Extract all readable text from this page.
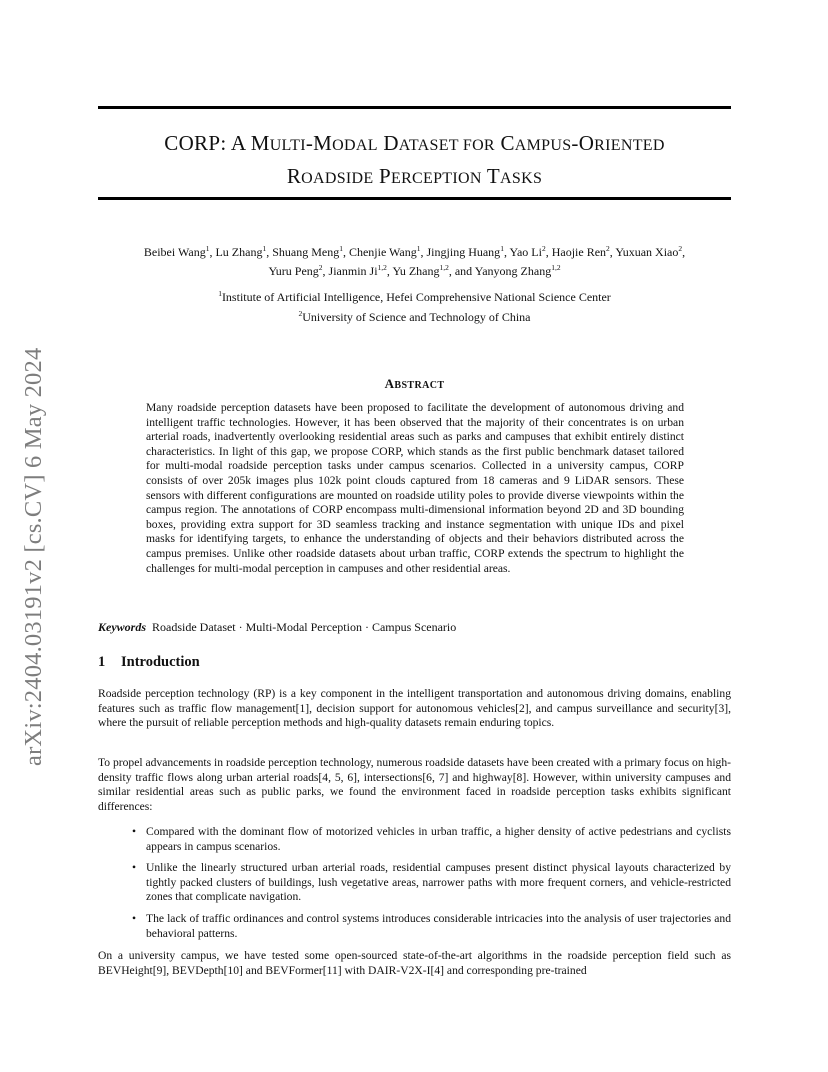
arXiv:2404.03191v2 [cs.CV] 6 May 2024
CORP: A MULTI-MODAL DATASET FOR CAMPUS-ORIENTED
ROADSIDE PERCEPTION TASKS
Beibei Wang$^1$, Lu Zhang$^1$, Shuang Meng$^1$, Chenjie Wang$^1$, Jingjing Huang$^1$, Yao Li$^2$, Haojie Ren$^2$, Yuxuan Xiao$^2$,
Yuru Peng$^2$, Jianmin Ji$^{1,2}$, Yu Zhang$^{1,2}$, and Yanyong Zhang$^{1,2}$
$^1$Institute of Artificial Intelligence, Hefei Comprehensive National Science Center
$^2$University of Science and Technology of China
ABSTRACT
Many roadside perception datasets have been proposed to facilitate the development of autonomous driving and intelligent traffic technologies. However, it has been observed that the majority of their concentrates is on urban arterial roads, inadvertently overlooking residential areas such as parks and campuses that exhibit entirely distinct characteristics. In light of this gap, we propose CORP, which stands as the first public benchmark dataset tailored for multi-modal roadside perception tasks under campus scenarios. Collected in a university campus, CORP consists of over 205k images plus 102k point clouds captured from 18 cameras and 9 LiDAR sensors. These sensors with different configurations are mounted on roadside utility poles to provide diverse viewpoints within the campus region. The annotations of CORP encompass multi-dimensional information beyond 2D and 3D bounding boxes, providing extra support for 3D seamless tracking and instance segmentation with unique IDs and pixel masks for identifying targets, to enhance the understanding of objects and their behaviors distributed across the campus premises. Unlike other roadside datasets about urban traffic, CORP extends the spectrum to highlight the challenges for multi-modal perception in campuses and other residential areas.
Keywords Roadside Dataset · Multi-Modal Perception · Campus Scenario
1 Introduction
Roadside perception technology (RP) is a key component in the intelligent transportation and autonomous driving domains, enabling features such as traffic flow management[1], decision support for autonomous vehicles[2], and campus surveillance and security[3], where the pursuit of reliable perception methods and high-quality datasets remain enduring topics.
To propel advancements in roadside perception technology, numerous roadside datasets have been created with a primary focus on high-density traffic flows along urban arterial roads[4, 5, 6], intersections[6, 7] and highway[8]. However, within university campuses and similar residential areas such as public parks, we found the environment faced in roadside perception tasks exhibits significant differences:
• Compared with the dominant flow of motorized vehicles in urban traffic, a higher density of active pedestrians and cyclists appears in campus scenarios.
• Unlike the linearly structured urban arterial roads, residential campuses present distinct physical layouts characterized by tightly packed clusters of buildings, lush vegetative areas, narrower paths with more frequent corners, and vehicle-restricted zones that complicate navigation.
• The lack of traffic ordinances and control systems introduces considerable intricacies into the analysis of user trajectories and behavioral patterns.
On a university campus, we have tested some open-sourced state-of-the-art algorithms in the roadside perception field such as BEVHeight[9], BEVDepth[10] and BEVFormer[11] with DAIR-V2X-I[4] and corresponding pre-trained
